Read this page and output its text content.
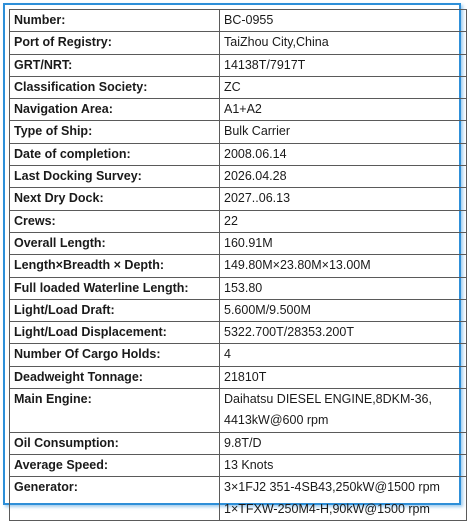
Number:	BC-0955

Port of Registry:	TaiZhou City,China

GRT/NRT:	14138T/7917T

Classification Society:	ZC

Navigation Area:	A1+A2

Type of Ship:	Bulk Carrier

Date of completion:	2008.06.14

Last Docking Survey:	2026.04.28

Next Dry Dock:	2027..06.13

Crews:	22

Overall Length:	160.91M

Length×Breadth × Depth:	149.80M×23.80M×13.00M

Full loaded Waterline Length:	153.80

Light/Load Draft:	5.600M/9.500M

Light/Load Displacement:	5322.700T/28353.200T

Number Of Cargo Holds:	4

Deadweight Tonnage:	21810T

Main Engine:	Daihatsu DIESEL ENGINE,8DKM-36,
4413kW@600 rpm

Oil Consumption:	9.8T/D

Average Speed:	13 Knots

Generator:	3×1FJ2 351-4SB43,250kW@1500 rpm
1×TFXW-250M4-H,90kW@1500 rpm
